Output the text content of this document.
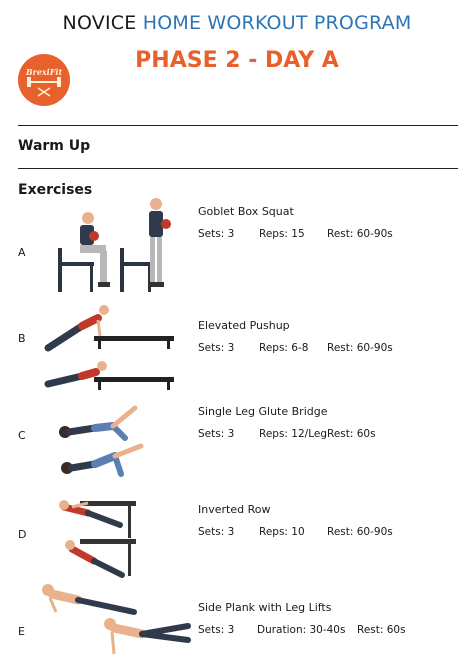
NOVICE HOME WORKOUT PROGRAM
PHASE 2 - DAY A
BrexiFit
Warm Up
Exercises
A
Goblet Box Squat
Sets: 3 Reps: 15 Rest: 60-90s
B
Elevated Pushup
Sets: 3 Reps: 6-8 Rest: 60-90s
C
Single Leg Glute Bridge
Sets: 3 Reps: 12/Leg Rest: 60s
D
Inverted Row
Sets: 3 Reps: 10 Rest: 60-90s
E
Side Plank with Leg Lifts
Sets: 3 Duration: 30-40s Rest: 60s
